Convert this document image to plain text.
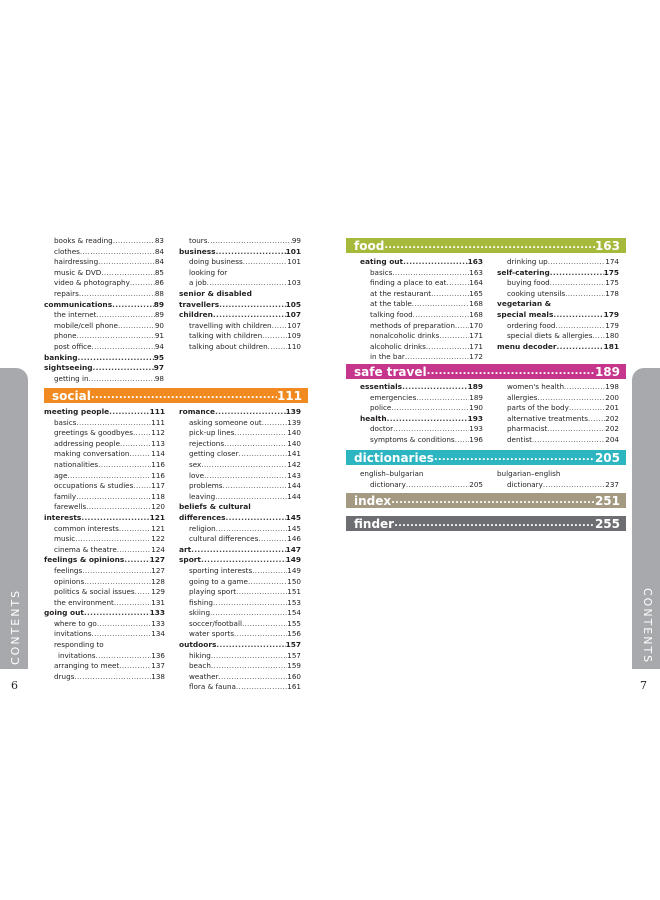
books & reading .....	83
clothes .....	84
hairdressing .....	84
music & DVD .....	85
video & photography .....	86
repairs .....	88
communications .....	89
the internet .....	89
mobile/cell phone .....	90
phone .....	91
post office .....	94
banking .....	95
sightseeing .....	97
getting in .....	98
tours .....	99
business .....	101
doing business .....	101
looking for
a job .....	103
senior & disabled
travellers .....	105
children .....	107
travelling with children ..... 107
talking with children .....	109
talking about children .....	110
social .....	111
meeting people .....	111
basics .....	111
greetings & goodbyes .....	112
addressing people .....	113
making conversation .....	114
nationalities .....	116
age .....	116
occupations & studies ..... 117
family .....	118
farewells .....	120
interests .....	121
common interests .....	121
music .....	122
cinema & theatre .....	124
feelings & opinions .....	127
feelings .....	127
opinions .....	128
politics & social issues ..... 129
the environment .....	131
going out .....	133
where to go .....	133
invitations .....	134
responding to
invitations .....	136
arranging to meet .....	137
drugs .....	138
romance .....	139
asking someone out .....	139
pick-up lines .....	140
rejections .....	140
getting closer .....	141
sex .....	142
love .....	143
problems .....	144
leaving .....	144
beliefs & cultural
differences .....	145
religion .....	145
cultural differences .....	146
art .....	147
sport .....	149
sporting interests .....	149
going to a game .....	150
playing sport .....	151
fishing .....	153
skiing .....	154
soccer/football .....	155
water sports .....	156
outdoors .....	157
hiking .....	157
beach .....	159
weather .....	160
flora & fauna .....	161
CONTENTS
6
food .....	163
eating out .....	163
basics .....	163
finding a place to eat .....	164
at the restaurant .....	165
at the table .....	168
talking food .....	168
methods of preparation ..... 170
nonalcoholic drinks .....	171
alcoholic drinks .....	171
in the bar .....	172
drinking up .....	174
self-catering .....	175
buying food .....	175
cooking utensils .....	178
vegetarian &
special meals .....	179
ordering food .....	179
special diets & allergies ..... 180
menu decoder .....	181
safe travel .....	189
essentials .....	189
emergencies .....	189
police .....	190
health .....	193
doctor .....	193
symptoms & conditions ..... 196
women's health .....	198
allergies .....	200
parts of the body .....	201
alternative treatments ..... 202
pharmacist .....	202
dentist .....	204
dictionaries .....	205
english–bulgarian
dictionary .....	205
bulgarian–english
dictionary .....	237
index .....	251
finder .....	255
CONTENTS
7
